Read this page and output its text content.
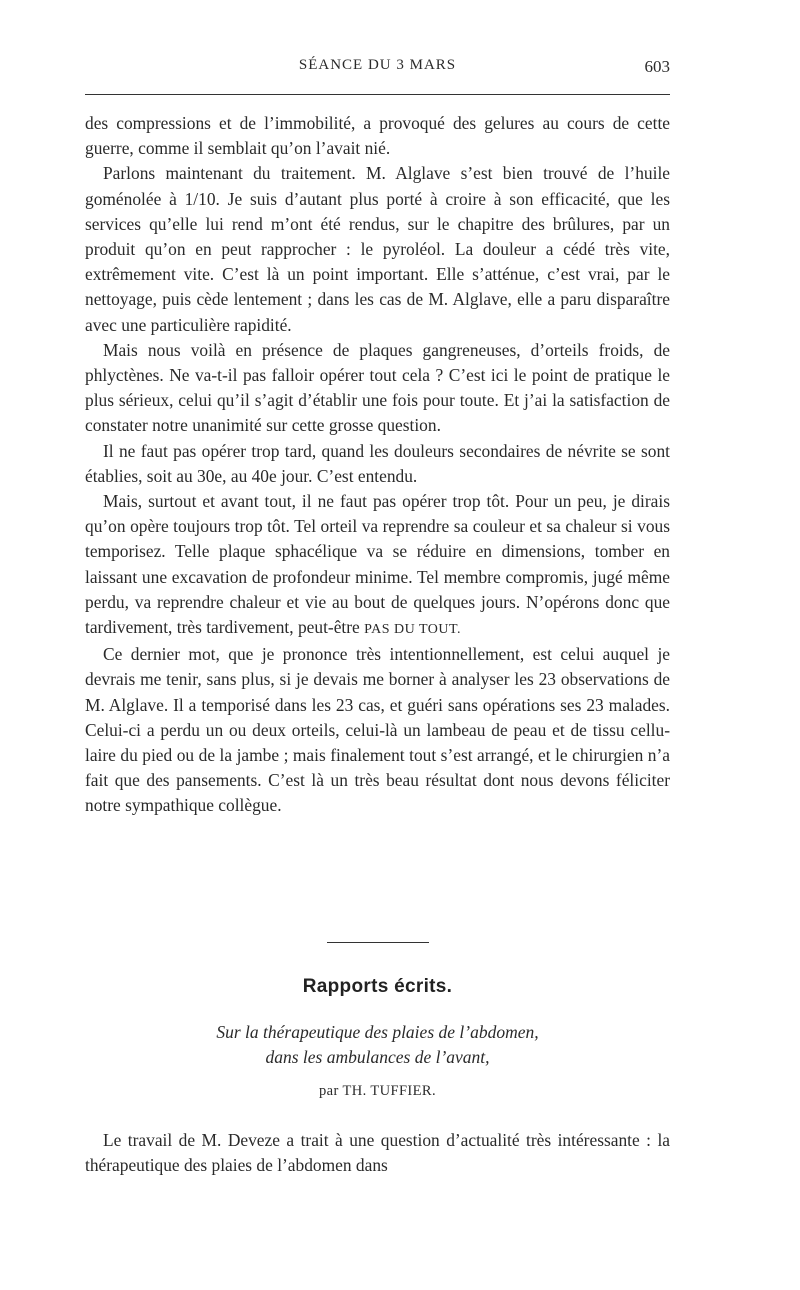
SÉANCE DU 3 MARS	603

des compressions et de l’immobilité, a provoqué des gelures au cours de cette guerre, comme il semblait qu’on l’avait nié.

Parlons maintenant du traitement. M. Alglave s’est bien trouvé de l’huile goménolée à 1/10. Je suis d’autant plus porté à croire à son efficacité, que les services qu’elle lui rend m’ont été rendus, sur le chapitre des brûlures, par un produit qu’on en peut rapprocher : le pyroléol. La douleur a cédé très vite, extrêmement vite. C’est là un point important. Elle s’atténue, c’est vrai, par le nettoyage, puis cède lentement ; dans les cas de M. Alglave, elle a paru disparaître avec une particulière rapidité.

Mais nous voilà en présence de plaques gangreneuses, d’orteils froids, de phlyctènes. Ne va-t-il pas falloir opérer tout cela ? C’est ici le point de pratique le plus sérieux, celui qu’il s’agit d’établir une fois pour toute. Et j’ai la satisfaction de constater notre unanimité sur cette grosse question.

Il ne faut pas opérer trop tard, quand les douleurs secondaires de névrite se sont établies, soit au 30e, au 40e jour. C’est entendu.

Mais, surtout et avant tout, il ne faut pas opérer trop tôt. Pour un peu, je dirais qu’on opère toujours trop tôt. Tel orteil va reprendre sa couleur et sa chaleur si vous temporisez. Telle plaque sphacélique va se réduire en dimensions, tomber en laissant une excavation de profondeur minime. Tel membre compromis, jugé même perdu, va reprendre chaleur et vie au bout de quelques jours. N’opérons donc que tardivement, très tardivement, peut-être PAS DU TOUT.

Ce dernier mot, que je prononce très intentionnellement, est celui auquel je devrais me tenir, sans plus, si je devais me borner à analyser les 23 observations de M. Alglave. Il a temporisé dans les 23 cas, et guéri sans opérations ses 23 malades. Celui-ci a perdu un ou deux orteils, celui-là un lambeau de peau et de tissu cellulaire du pied ou de la jambe ; mais finalement tout s’est arrangé, et le chirurgien n’a fait que des pansements. C’est là un très beau résultat dont nous devons féliciter notre sympathique collègue.

Rapports écrits.
Sur la thérapeutique des plaies de l’abdomen,
dans les ambulances de l’avant,
par TH. TUFFIER.

Le travail de M. Deveze a trait à une question d’actualité très intéressante : la thérapeutique des plaies de l’abdomen dans
